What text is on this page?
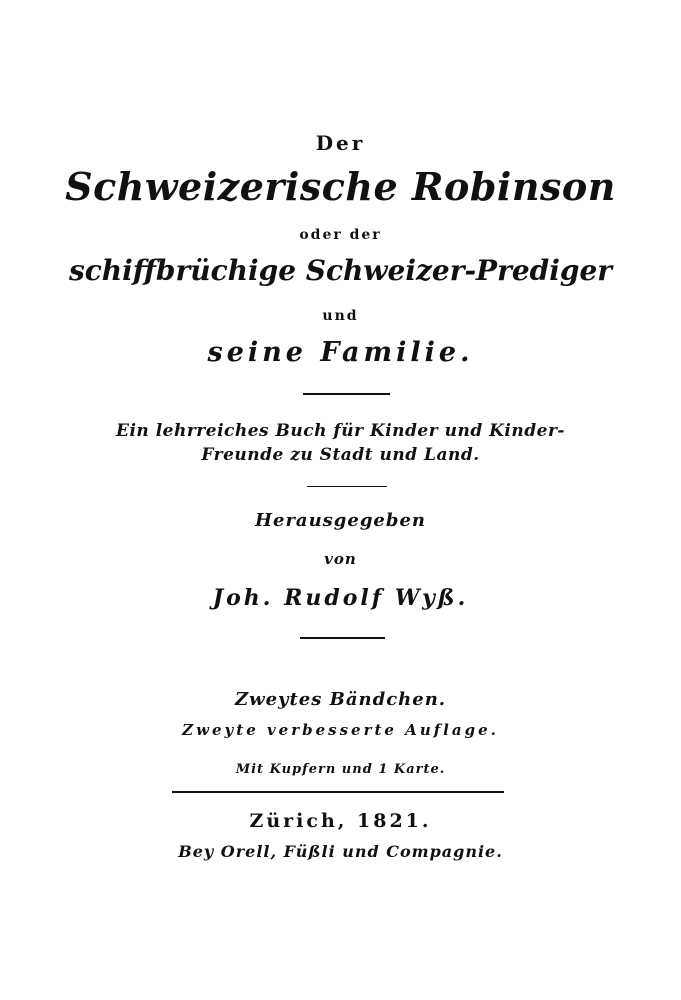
Der
Schweizerische Robinson
oder der
schiffbrüchige Schweizer-Prediger
und
seine Familie.
Ein lehrreiches Buch für Kinder und Kinder-
Freunde zu Stadt und Land.
Herausgegeben
von
Joh. Rudolf Wyß.
Zweytes Bändchen.
Zweyte verbesserte Auflage.
Mit Kupfern und 1 Karte.
Zürich, 1821.
Bey Orell, Füßli und Compagnie.
